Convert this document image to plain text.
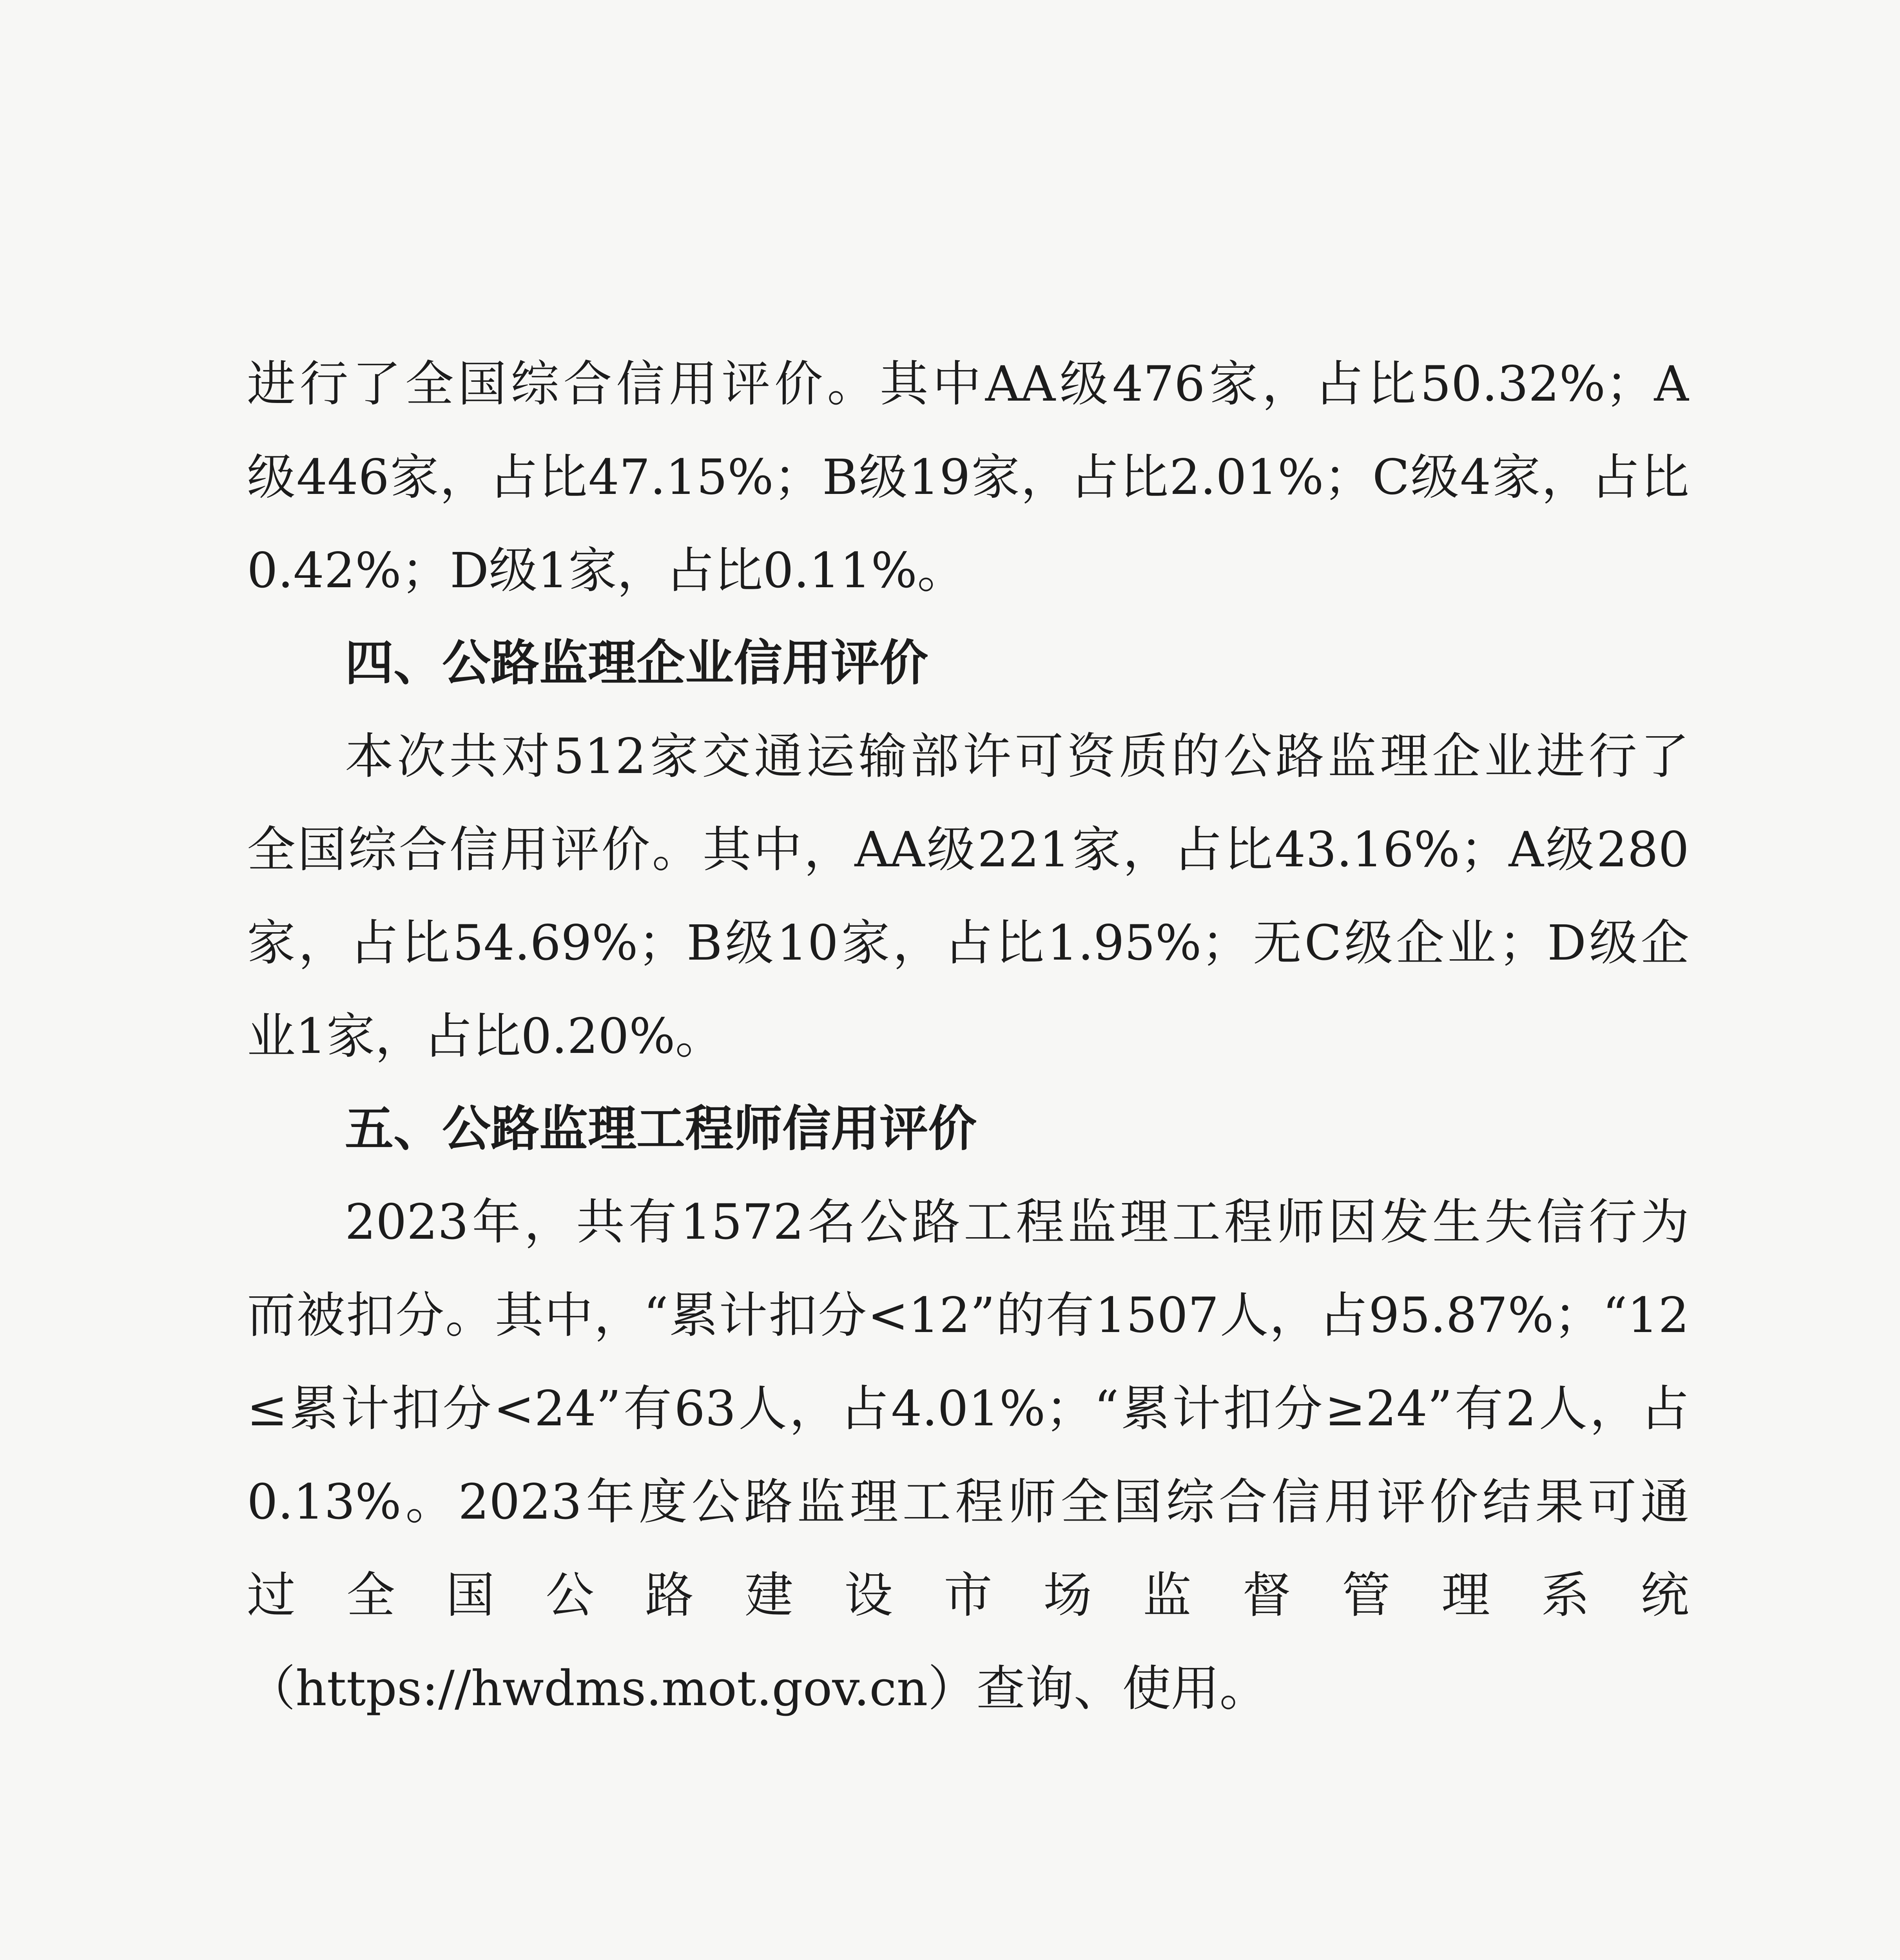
进行了全国综合信用评价。其中AA级476家，占比50.32%；A
级446家，占比47.15%；B级19家，占比2.01%；C级4家，占比
0.42%；D级1家，占比0.11%。
四、公路监理企业信用评价
本次共对512家交通运输部许可资质的公路监理企业进行了
全国综合信用评价。其中，AA级221家，占比43.16%；A级280
家，占比54.69%；B级10家，占比1.95%；无C级企业；D级企
业1家，占比0.20%。
五、公路监理工程师信用评价
2023年，共有1572名公路工程监理工程师因发生失信行为
而被扣分。其中，“累计扣分<12”的有1507人，占95.87%；“12
≤累计扣分<24”有63人，占4.01%；“累计扣分≥24”有2人，占
0.13%。2023年度公路监理工程师全国综合信用评价结果可通
过全国公路建设市场监督管理系统
（https://hwdms.mot.gov.cn）查询、使用。
